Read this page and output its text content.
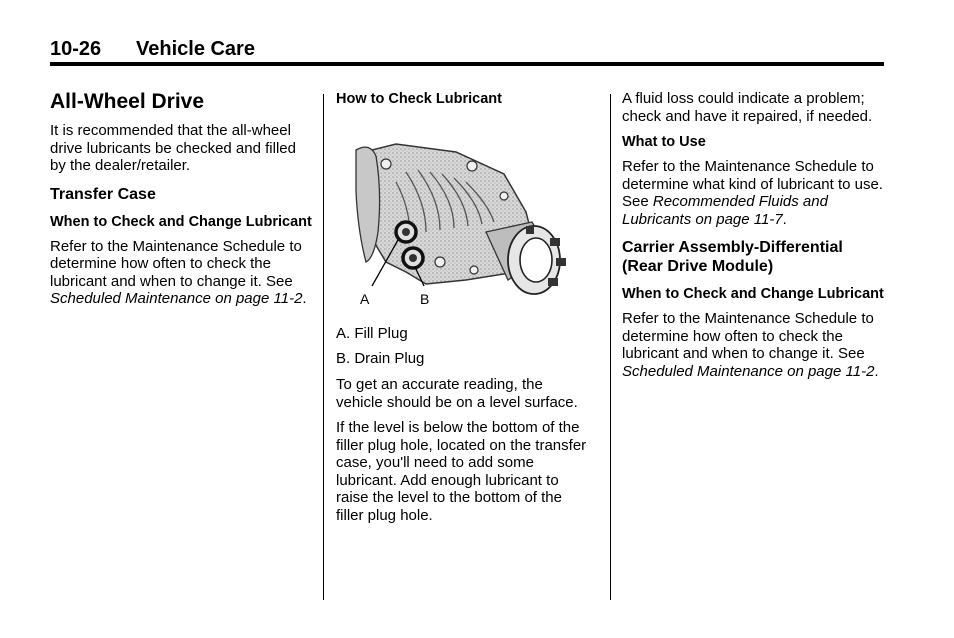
10-26 Vehicle Care
All-Wheel Drive

It is recommended that the all-wheel drive lubricants be checked and filled by the dealer/retailer.

Transfer Case
When to Check and Change Lubricant

Refer to the Maintenance Schedule to determine how often to check the lubricant and when to change it. See Scheduled Maintenance on page 11-2.

How to Check Lubricant
A	B

A. Fill Plug

B. Drain Plug

To get an accurate reading, the vehicle should be on a level surface.

If the level is below the bottom of the filler plug hole, located on the transfer case, you'll need to add some lubricant. Add enough lubricant to raise the level to the bottom of the filler plug hole.

A fluid loss could indicate a problem; check and have it repaired, if needed.

What to Use

Refer to the Maintenance Schedule to determine what kind of lubricant to use. See Recommended Fluids and Lubricants on page 11-7.

Carrier Assembly-Differential (Rear Drive Module)
When to Check and Change Lubricant

Refer to the Maintenance Schedule to determine how often to check the lubricant and when to change it. See Scheduled Maintenance on page 11-2.
